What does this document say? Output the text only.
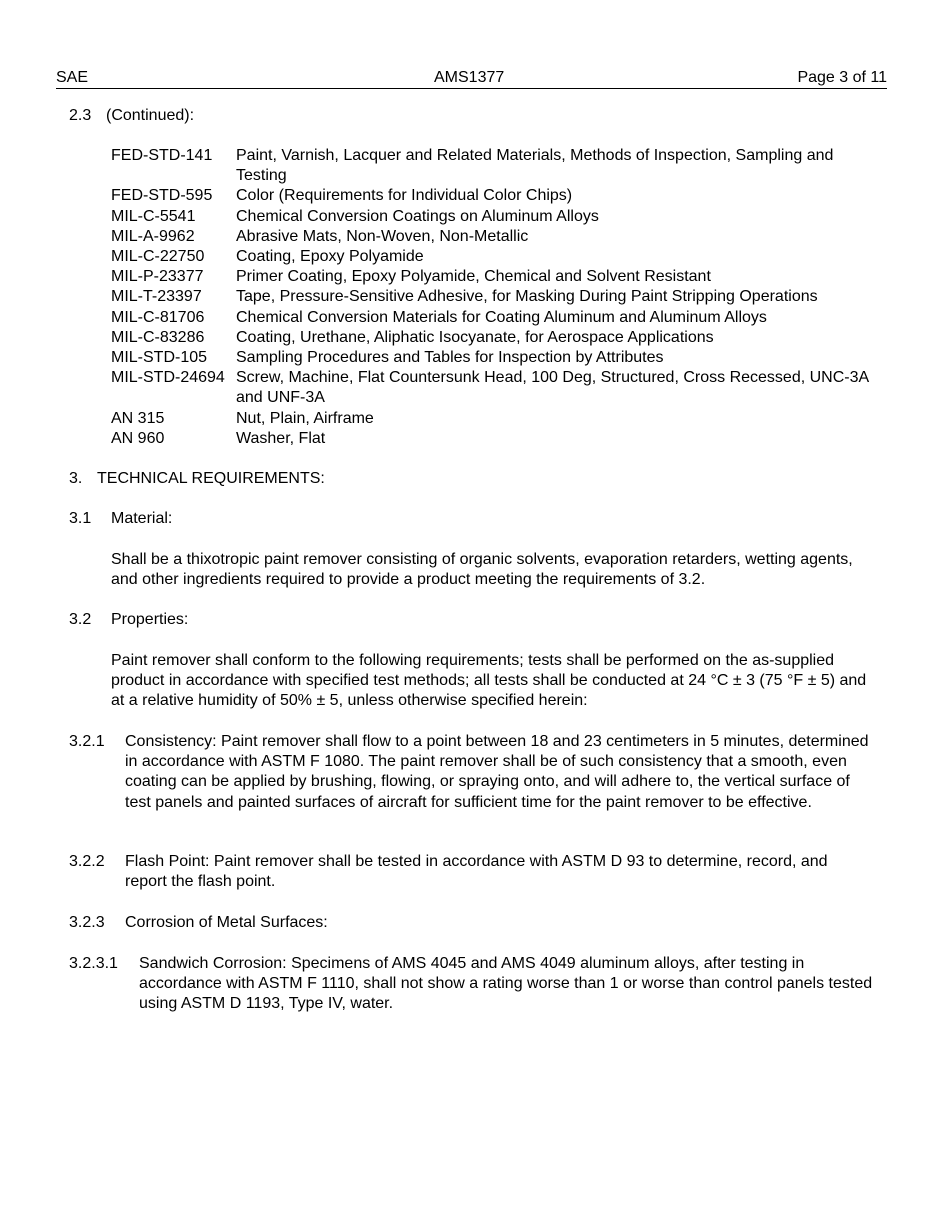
SAE	AMS1377	Page 3 of 11
2.3 (Continued):
FED-STD-141	Paint, Varnish, Lacquer and Related Materials, Methods of Inspection, Sampling and Testing
FED-STD-595	Color (Requirements for Individual Color Chips)
MIL-C-5541	Chemical Conversion Coatings on Aluminum Alloys
MIL-A-9962	Abrasive Mats, Non-Woven, Non-Metallic
MIL-C-22750	Coating, Epoxy Polyamide
MIL-P-23377	Primer Coating, Epoxy Polyamide, Chemical and Solvent Resistant
MIL-T-23397	Tape, Pressure-Sensitive Adhesive, for Masking During Paint Stripping Operations
MIL-C-81706	Chemical Conversion Materials for Coating Aluminum and Aluminum Alloys
MIL-C-83286	Coating, Urethane, Aliphatic Isocyanate, for Aerospace Applications
MIL-STD-105	Sampling Procedures and Tables for Inspection by Attributes
MIL-STD-24694 Screw, Machine, Flat Countersunk Head, 100 Deg, Structured, Cross Recessed, UNC-3A and UNF-3A
AN 315	Nut, Plain, Airframe
AN 960	Washer, Flat
3. TECHNICAL REQUIREMENTS:
3.1 Material:
Shall be a thixotropic paint remover consisting of organic solvents, evaporation retarders, wetting agents, and other ingredients required to provide a product meeting the requirements of 3.2.
3.2 Properties:
Paint remover shall conform to the following requirements; tests shall be performed on the as-supplied product in accordance with specified test methods; all tests shall be conducted at 24 °C ± 3 (75 °F ± 5) and at a relative humidity of 50% ± 5, unless otherwise specified herein:
3.2.1 Consistency: Paint remover shall flow to a point between 18 and 23 centimeters in 5 minutes, determined in accordance with ASTM F 1080. The paint remover shall be of such consistency that a smooth, even coating can be applied by brushing, flowing, or spraying onto, and will adhere to, the vertical surface of test panels and painted surfaces of aircraft for sufficient time for the paint remover to be effective.
3.2.2 Flash Point: Paint remover shall be tested in accordance with ASTM D 93 to determine, record, and report the flash point.
3.2.3 Corrosion of Metal Surfaces:
3.2.3.1 Sandwich Corrosion: Specimens of AMS 4045 and AMS 4049 aluminum alloys, after testing in accordance with ASTM F 1110, shall not show a rating worse than 1 or worse than control panels tested using ASTM D 1193, Type IV, water.
